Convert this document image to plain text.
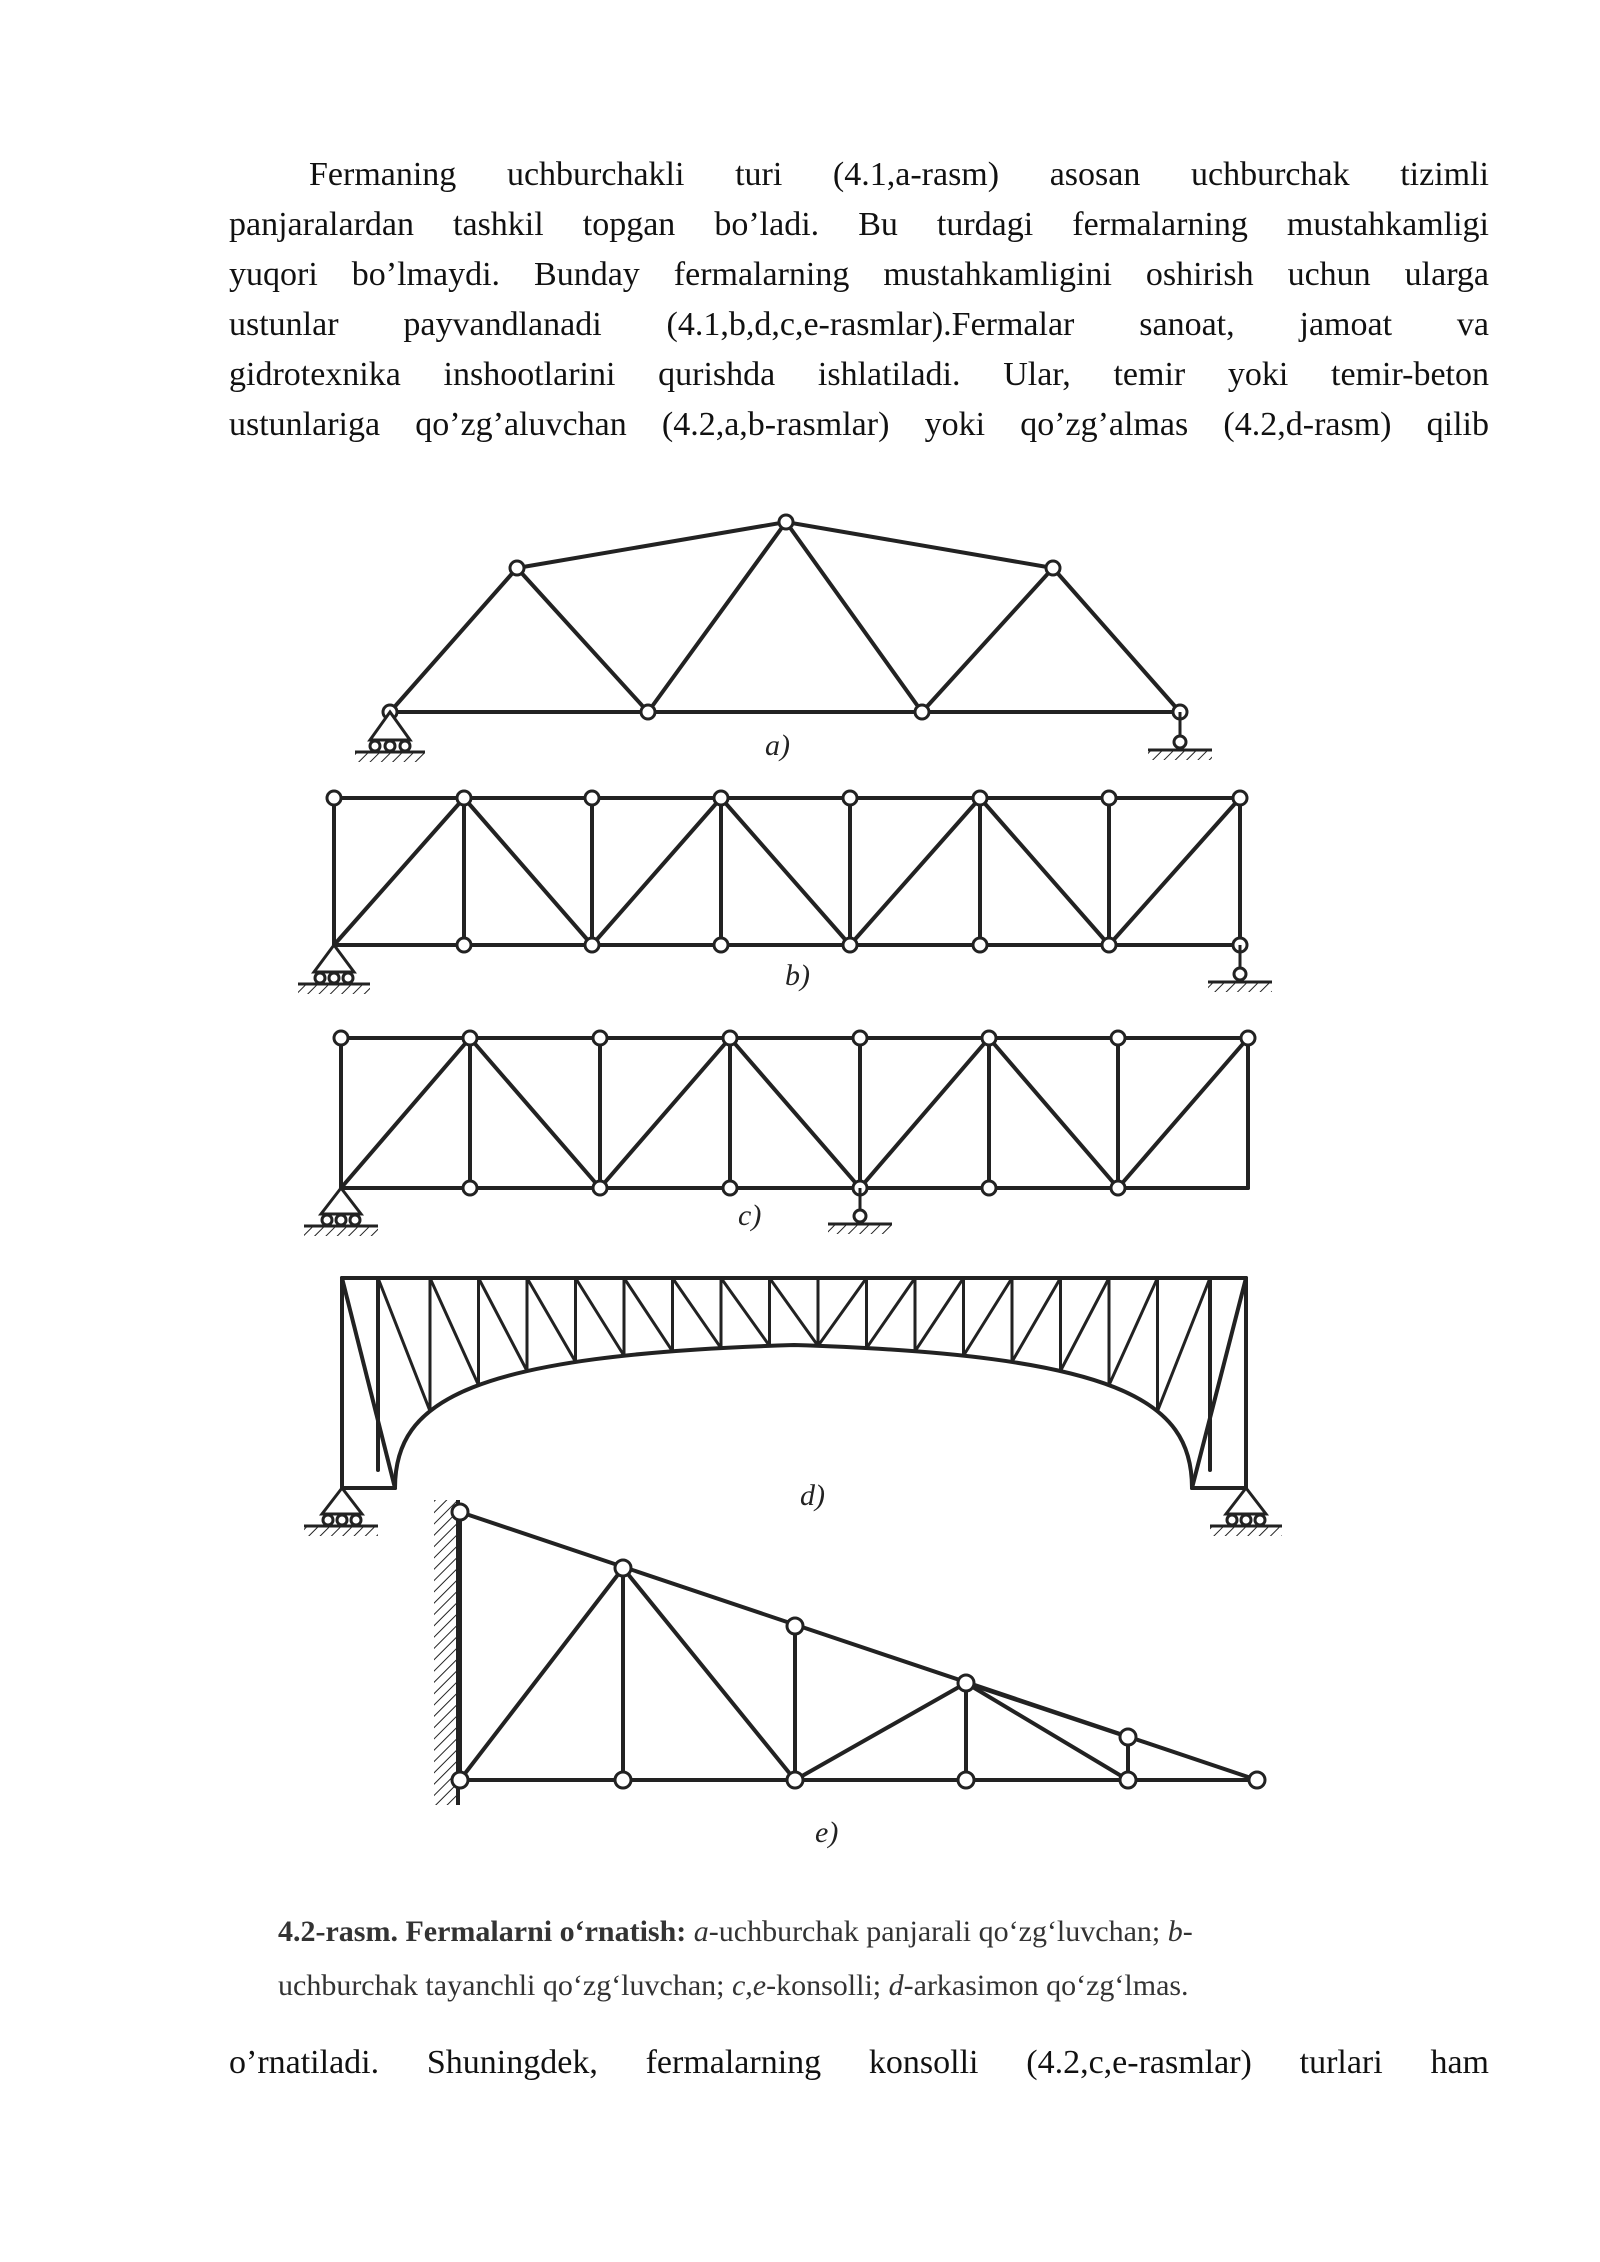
Fermaning uchburchakli turi (4.1,a-rasm) asosan uchburchak tizimli
panjaralardan tashkil topgan bo’ladi. Bu turdagi fermalarning mustahkamligi
yuqori bo’lmaydi. Bunday fermalarning mustahkamligini oshirish uchun ularga
ustunlar payvandlanadi (4.1,b,d,c,e-rasmlar).Fermalar sanoat, jamoat va
gidrotexnika inshootlarini qurishda ishlatiladi. Ular, temir yoki temir-beton
ustunlariga qo’zg’aluvchan (4.2,a,b-rasmlar) yoki qo’zg’almas (4.2,d-rasm) qilib
a)
b)
c)
d)
e)
4.2-rasm. Fermalarni o‘rnatish: a-uchburchak panjarali qo‘zg‘luvchan; b-
uchburchak tayanchli qo‘zg‘luvchan; c,e-konsolli; d-arkasimon qo‘zg‘lmas.
o’rnatiladi. Shuningdek, fermalarning konsolli (4.2,c,e-rasmlar) turlari ham
